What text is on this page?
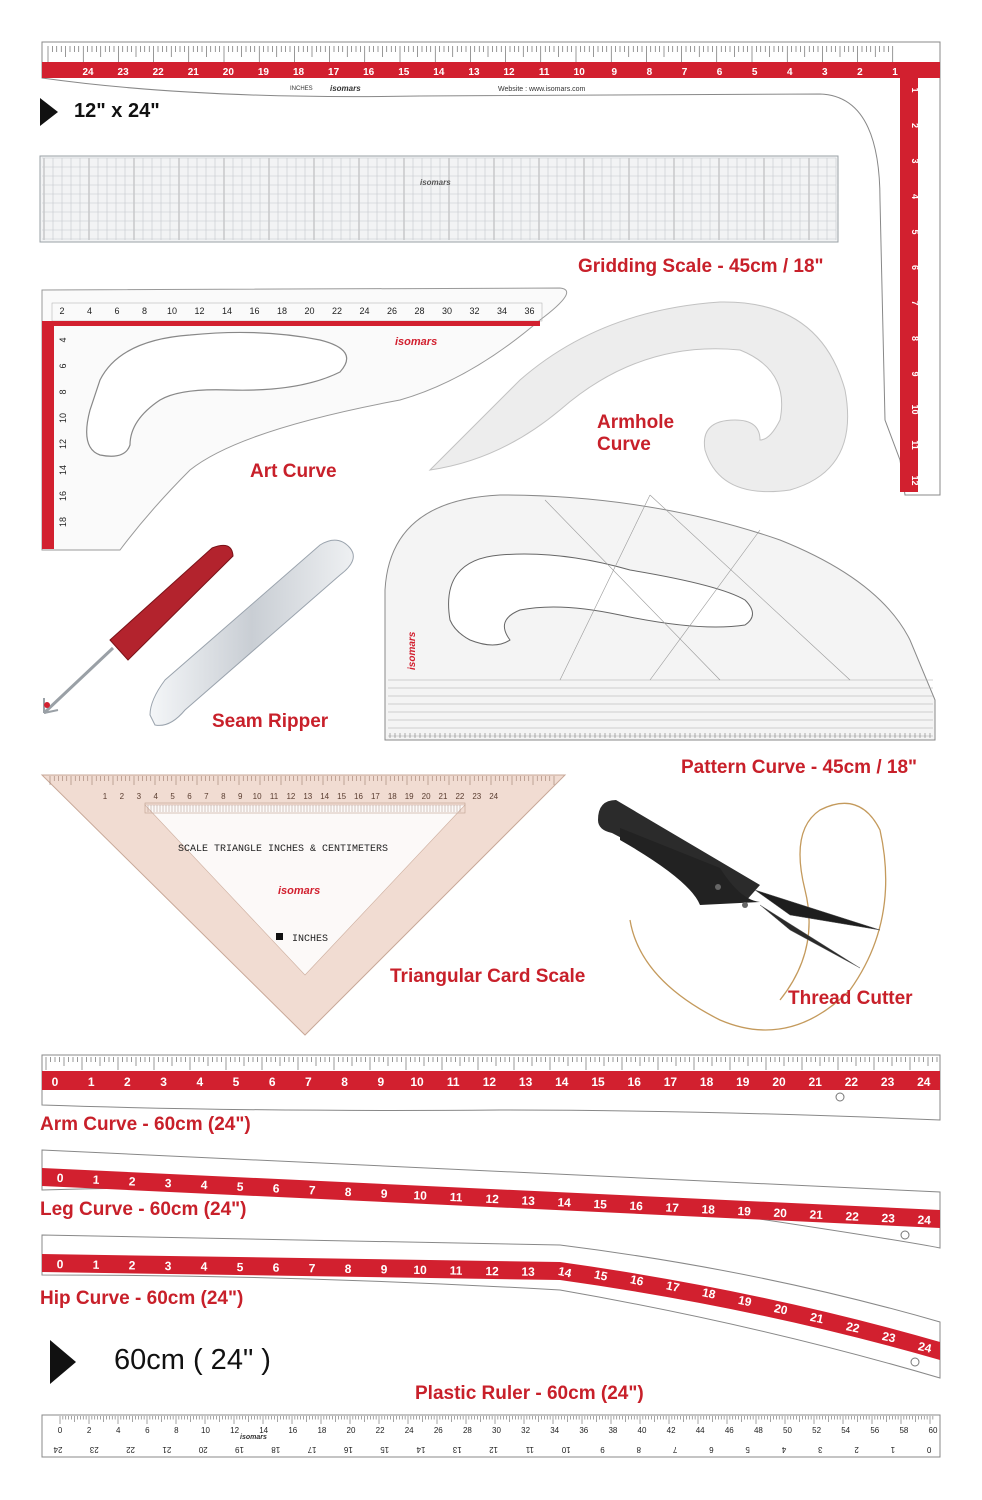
24 23 22 21 20 19 18 17 16 15 14 13 12 11 10	9	8	7	6	5	4	3	2	1
1
2
3
4
5
6
7
8
9
10
11
12
INCHES isomars	Website : www.isomars.com
isomars
2 4 6 8 10 12 14 16 18 20 22 24 26 28 30 32 34 36
4
6
8
10
12
14
16
18
isomars
isomars
1 2 3 4 5 6 7 8 9 10 11 12 13 14 15 16 17 18 19 20 21 22 23 24
SCALE TRIANGLE INCHES & CENTIMETERS
isomars
INCHES
0 1 2 3 4 5 6 7 8 9 10 11 12 13 14 15 16 17 18 19 20 21 22 23 24
0 1 2 3 4 5 6 7 8 9 10 11 12 13 14 15 16 17 18 19 20 21 22 23 24
0 1 2 3 4 5 6 7 8 9 10 11 12 13 14 15 16 17 18 19
20
21
22
23
24
0	2	4	6	8	10	12	14	16	18	20	22	24	26	28	30	32	34	36	38	40	42	44	46	48	50	52	54	56	58	60
24	23	22	21	20	19	18	17	16	15	14	13	12	11	10	9	8	7	6	5	4	3	2	1	0
isomars
12" x 24"
Gridding Scale - 45cm / 18"
Art Curve
Armhole
Curve
Seam Ripper
Pattern Curve - 45cm / 18"
Triangular Card Scale
Thread Cutter
Arm Curve - 60cm (24")
Leg Curve - 60cm (24")
Hip Curve - 60cm (24")
60cm ( 24" )
Plastic Ruler - 60cm (24")
